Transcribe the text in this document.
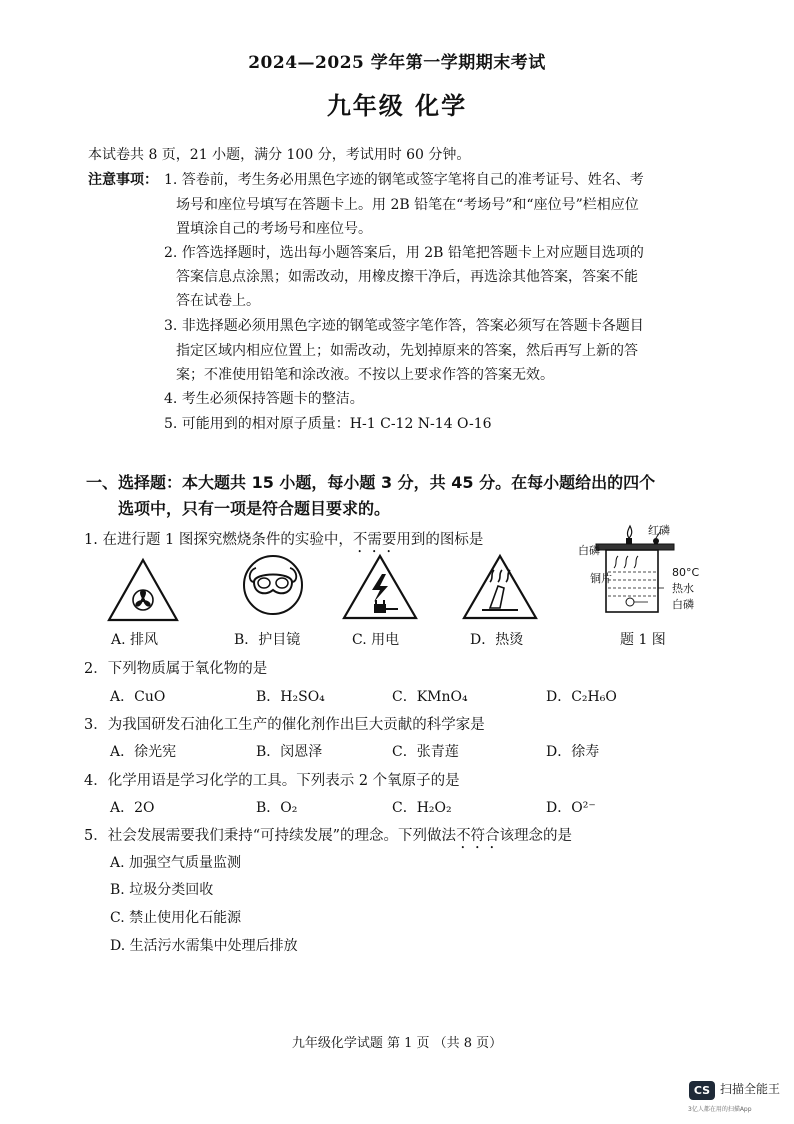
2024—2025 学年第一学期期末考试
九年级 化学
本试卷共 8 页，21 小题，满分 100 分，考试用时 60 分钟。
注意事项： 1. 答卷前，考生务必用黑色字迹的钢笔或签字笔将自己的准考证号、姓名、考
场号和座位号填写在答题卡上。用 2B 铅笔在“考场号”和“座位号”栏相应位
置填涂自己的考场号和座位号。
2. 作答选择题时，选出每小题答案后，用 2B 铅笔把答题卡上对应题目选项的
答案信息点涂黑；如需改动，用橡皮擦干净后，再选涂其他答案，答案不能
答在试卷上。
3. 非选择题必须用黑色字迹的钢笔或签字笔作答，答案必须写在答题卡各题目
指定区域内相应位置上；如需改动，先划掉原来的答案，然后再写上新的答
案；不准使用铅笔和涂改液。不按以上要求作答的答案无效。
4. 考生必须保持答题卡的整洁。
5. 可能用到的相对原子质量：H-1 C-12 N-14 O-16
一、选择题：本大题共 15 小题，每小题 3 分，共 45 分。在每小题给出的四个
选项中，只有一项是符合题目要求的。
1. 在进行题 1 图探究燃烧条件的实验中，不需要用到的图标是
红磷
白磷
80°C
铜片
热水
白磷
A. 排风	B．护目镜	C. 用电	D．热烫	题 1 图
2．下列物质属于氧化物的是
A．CuO	B．H₂SO₄	C．KMnO₄	D．C₂H₆O
3．为我国研发石油化工生产的催化剂作出巨大贡献的科学家是
A．徐光宪	B．闵恩泽	C．张青莲	D．徐寿
4．化学用语是学习化学的工具。下列表示 2 个氧原子的是
A．2O	B．O₂	C．H₂O₂	D．O²⁻
5．社会发展需要我们秉持“可持续发展”的理念。下列做法不符合该理念的是
A. 加强空气质量监测
B. 垃圾分类回收
C. 禁止使用化石能源
D. 生活污水需集中处理后排放
九年级化学试题 第 1 页 （共 8 页）
CS 扫描全能王
3亿人都在用的扫描App
